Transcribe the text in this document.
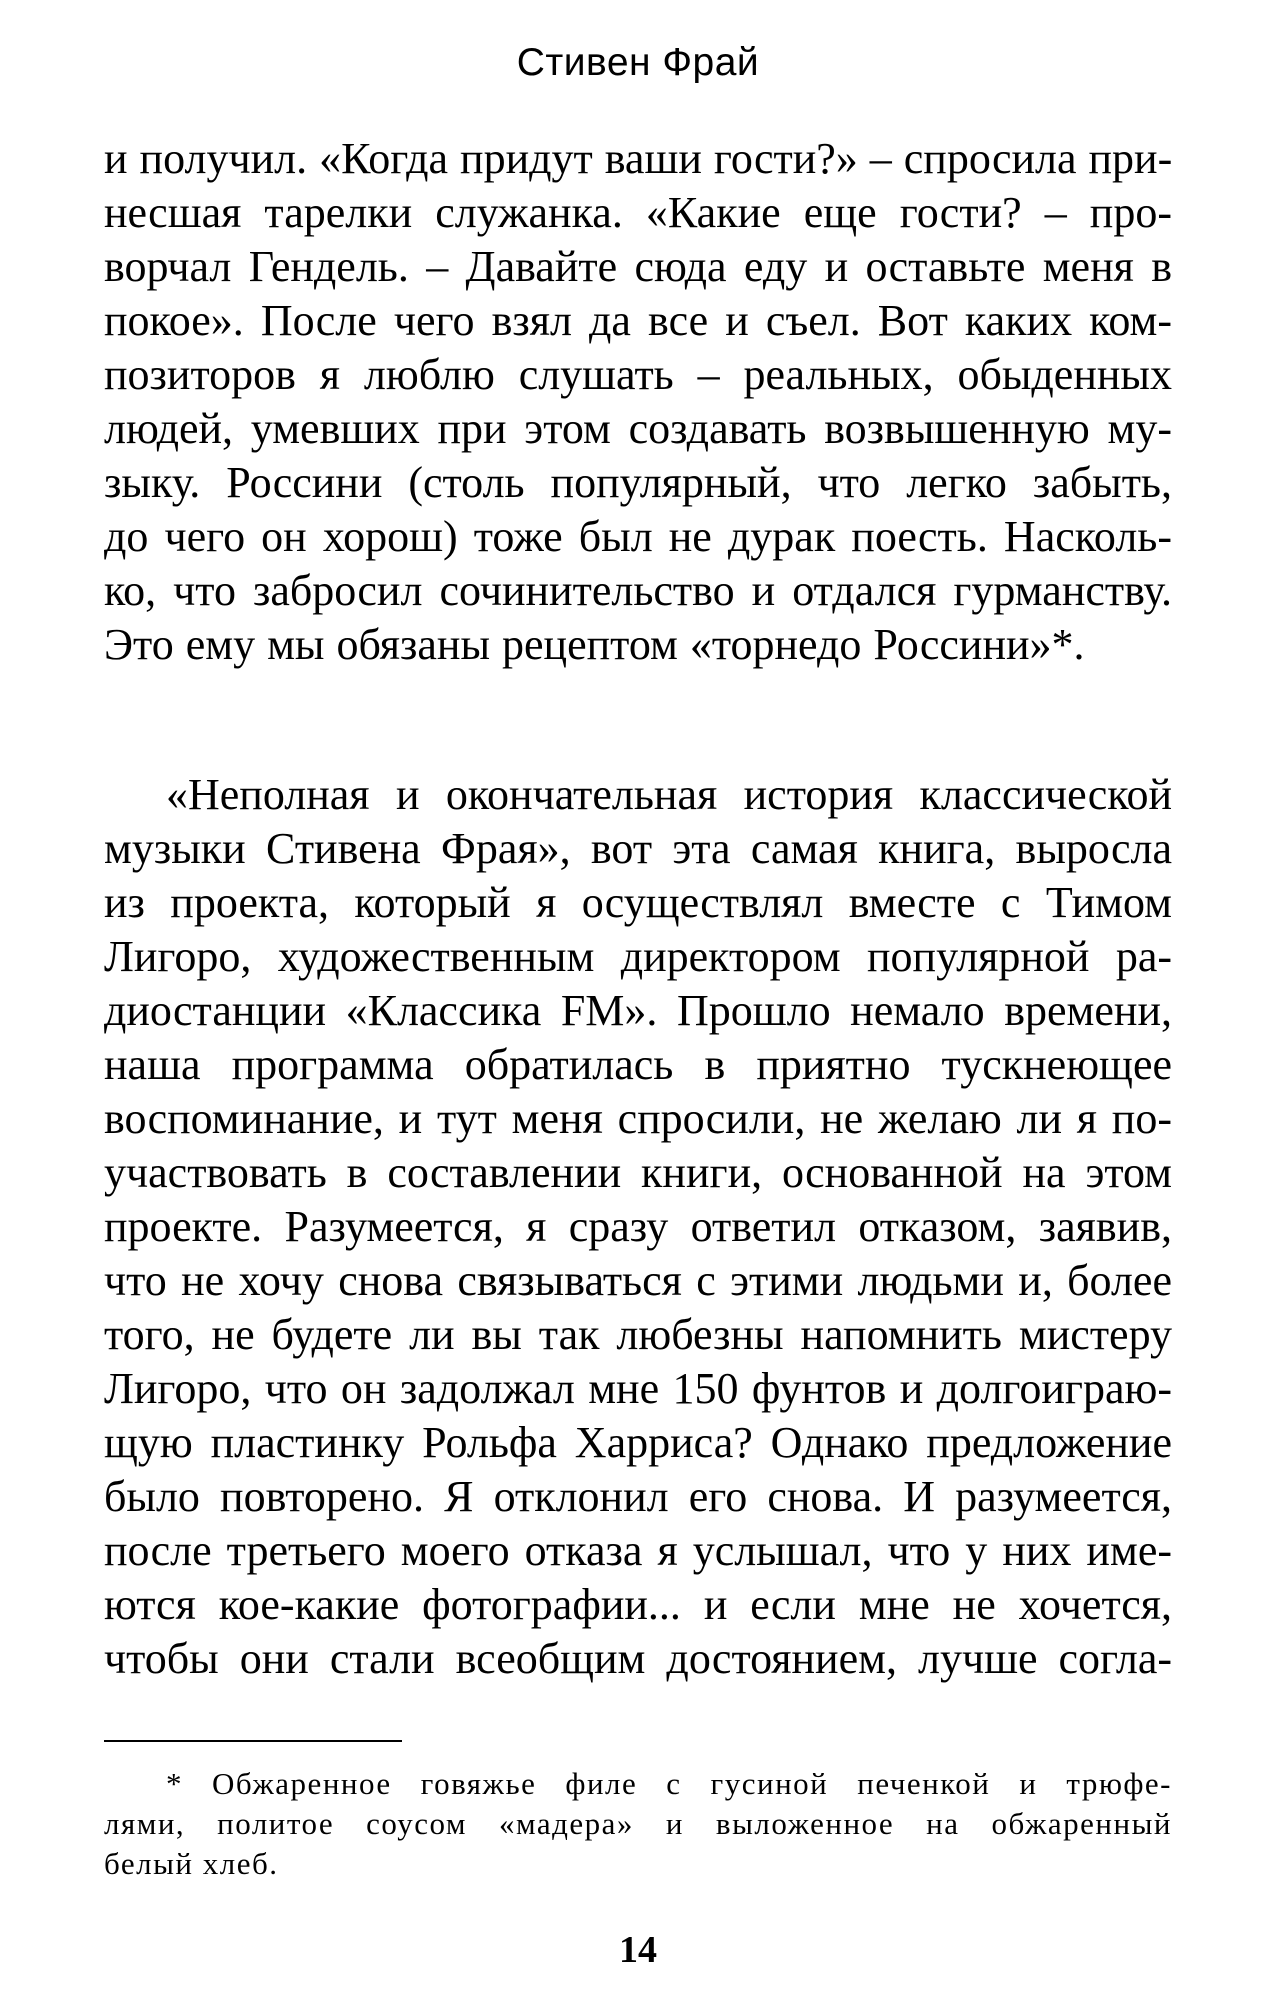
Стивен Фрай
и получил. «Когда придут ваши гости?» – спросила при-
несшая тарелки служанка. «Какие еще гости? – про-
ворчал Гендель. – Давайте сюда еду и оставьте меня в
покое». После чего взял да все и съел. Вот каких ком-
позиторов я люблю слушать – реальных, обыденных
людей, умевших при этом создавать возвышенную му-
зыку. Россини (столь популярный, что легко забыть,
до чего он хорош) тоже был не дурак поесть. Насколь-
ко, что забросил сочинительство и отдался гурманству.
Это ему мы обязаны рецептом «торнедо Россини»*.
«Неполная и окончательная история классической
музыки Стивена Фрая», вот эта самая книга, выросла
из проекта, который я осуществлял вместе с Тимом
Лигоро, художественным директором популярной ра-
диостанции «Классика FM». Прошло немало времени,
наша программа обратилась в приятно тускнеющее
воспоминание, и тут меня спросили, не желаю ли я по-
участвовать в составлении книги, основанной на этом
проекте. Разумеется, я сразу ответил отказом, заявив,
что не хочу снова связываться с этими людьми и, более
того, не будете ли вы так любезны напомнить мистеру
Лигоро, что он задолжал мне 150 фунтов и долгоиграю-
щую пластинку Рольфа Харриса? Однако предложение
было повторено. Я отклонил его снова. И разумеется,
после третьего моего отказа я услышал, что у них име-
ются кое-какие фотографии... и если мне не хочется,
чтобы они стали всеобщим достоянием, лучше согла-
* Обжаренное говяжье филе с гусиной печенкой и трюфе-
лями, политое соусом «мадера» и выложенное на обжаренный
белый хлеб.
14
